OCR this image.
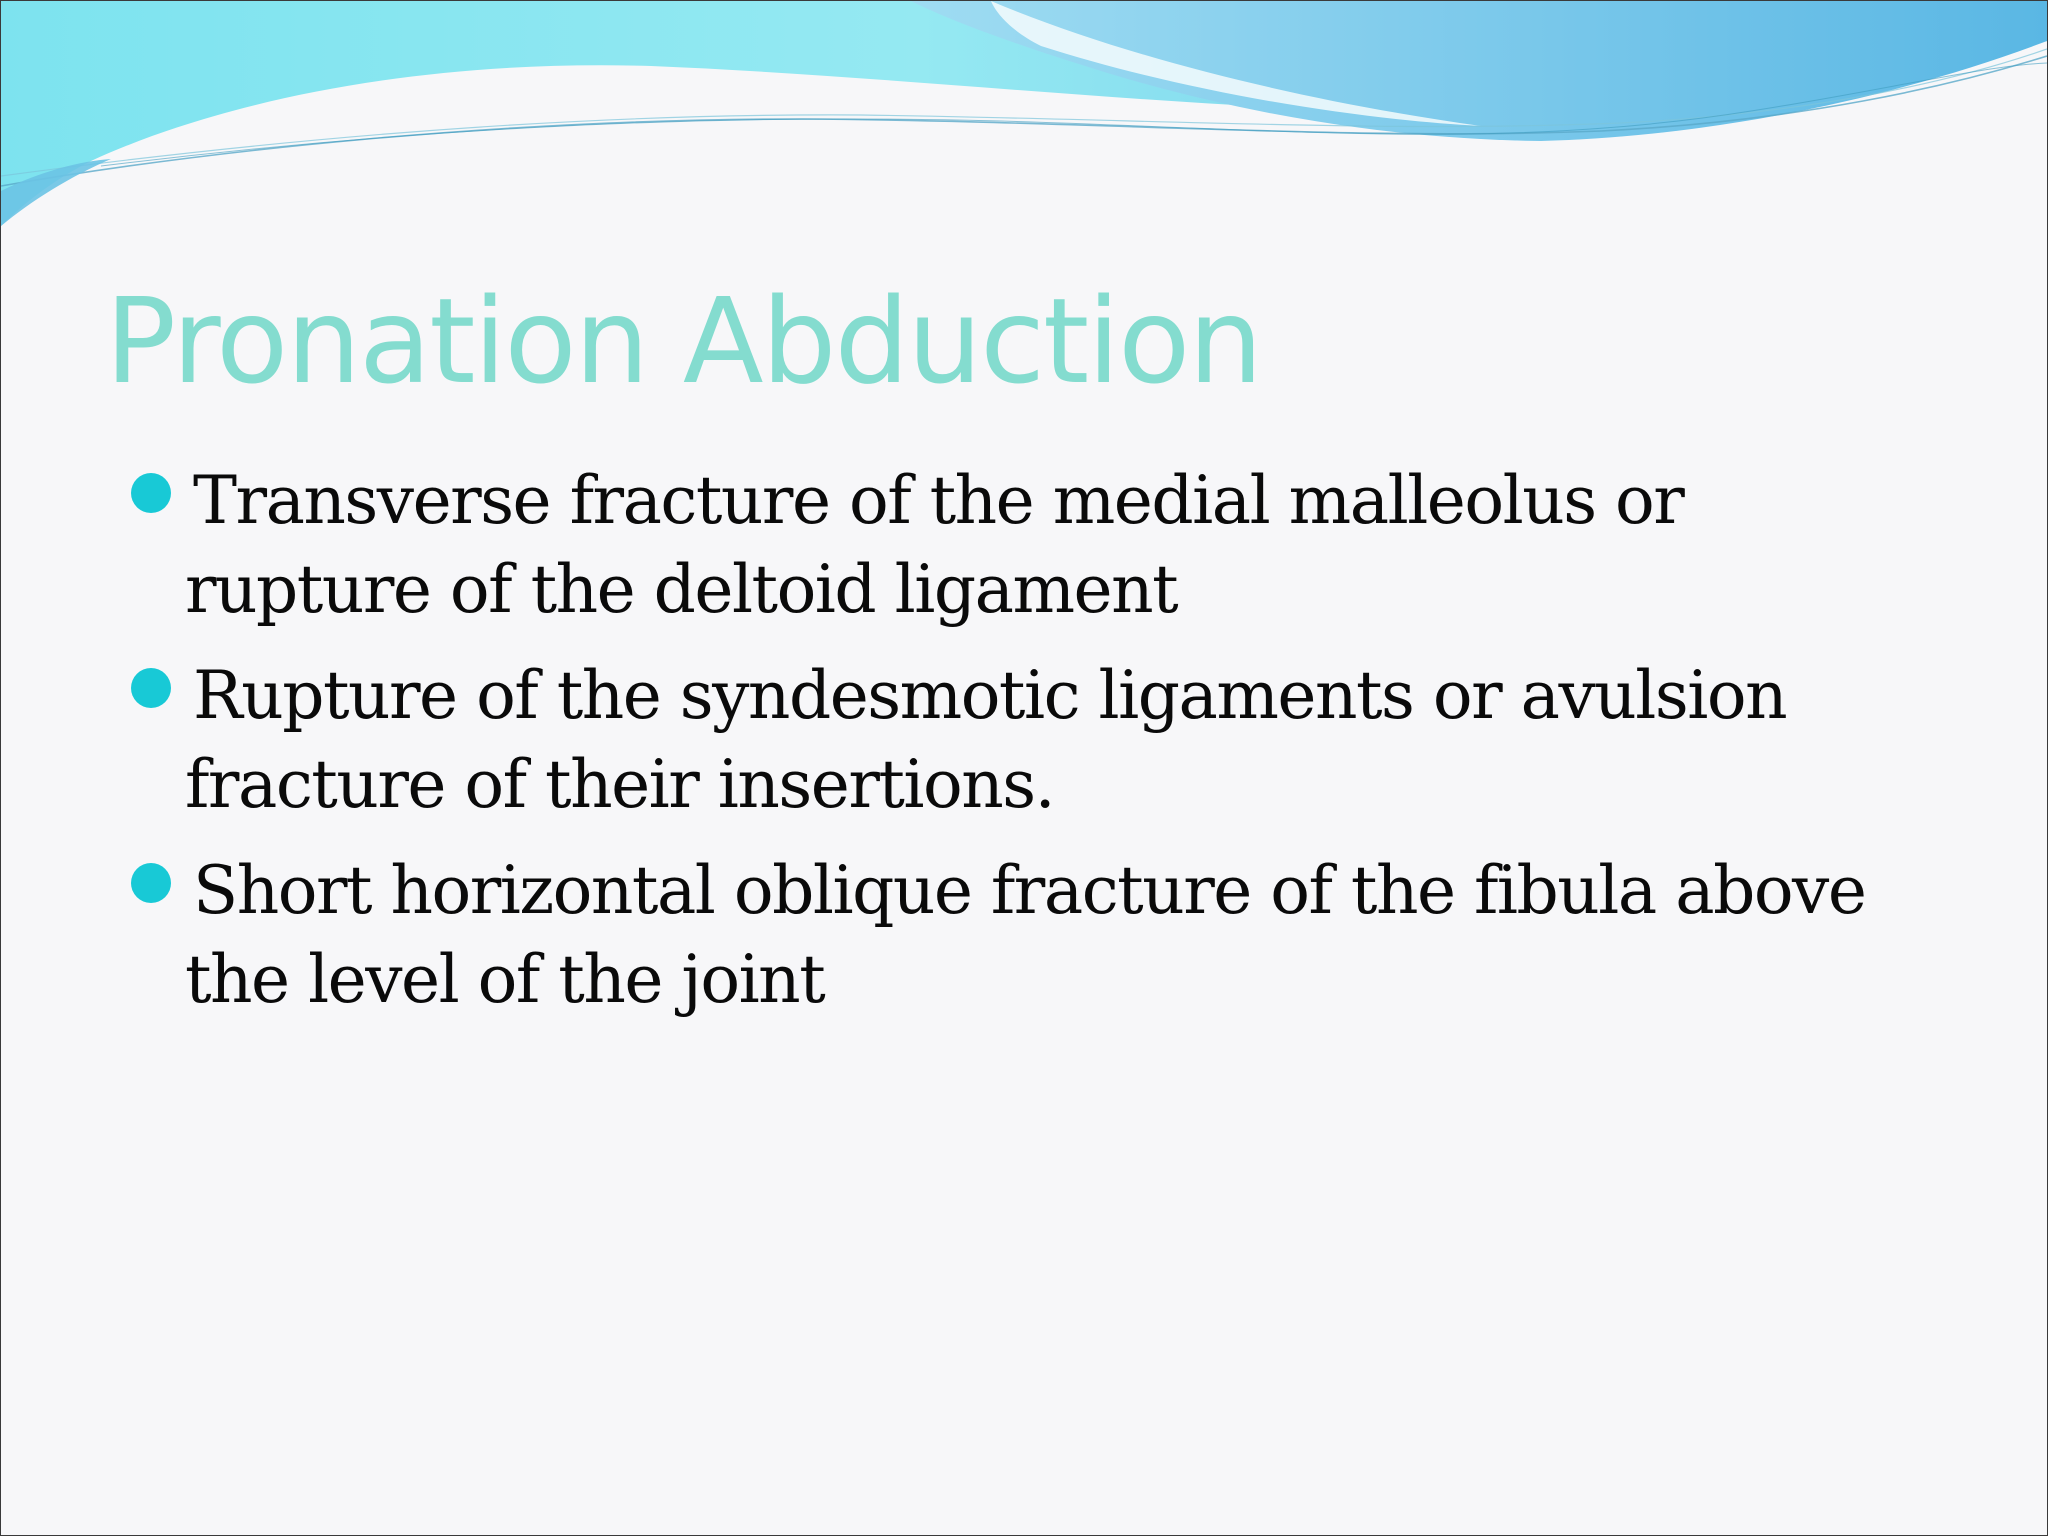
Pronation Abduction
Transverse fracture of the medial malleolus or rupture of the deltoid ligament
Rupture of the syndesmotic ligaments or avulsion fracture of their insertions.
Short horizontal oblique fracture of the fibula above the level of the joint
